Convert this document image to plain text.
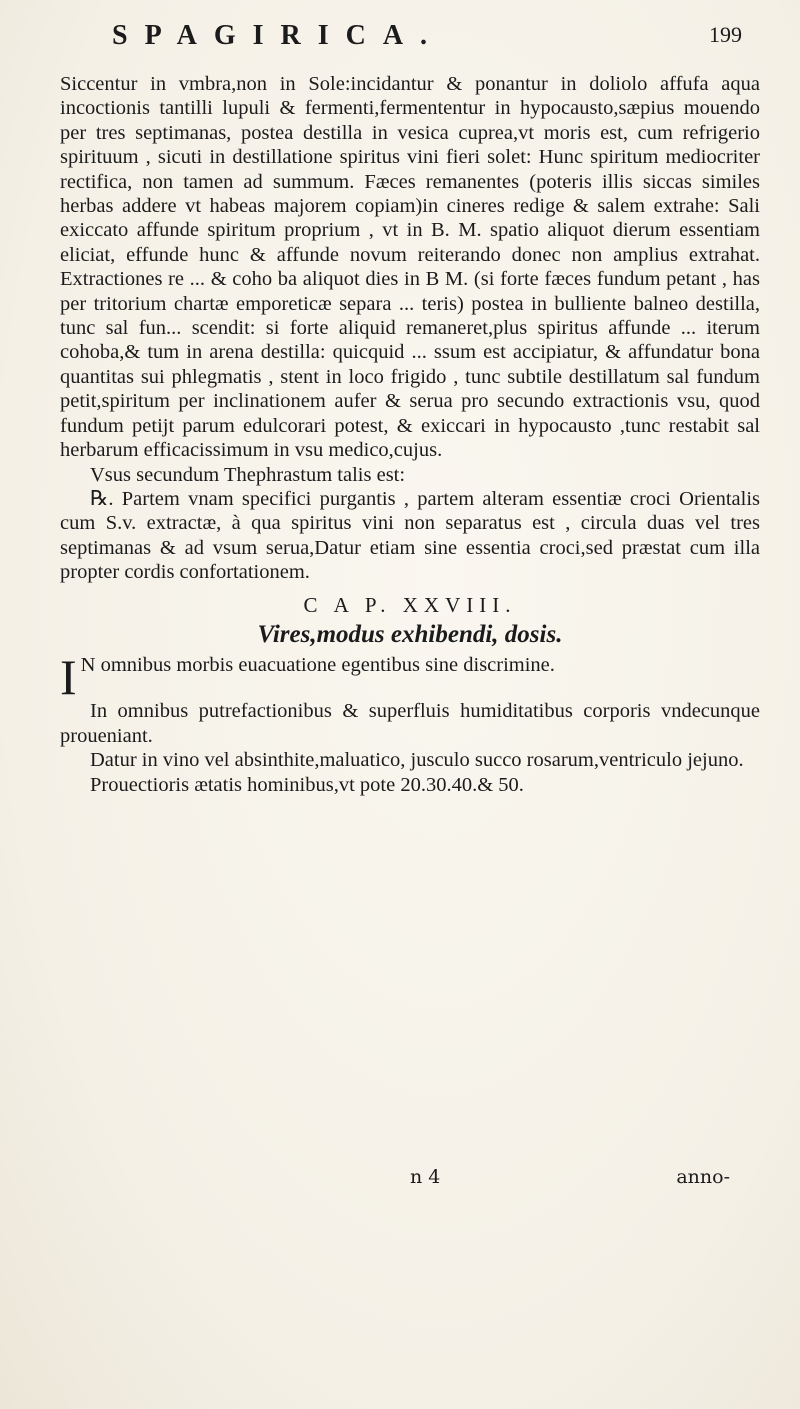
SPAGIRICA.	199

Siccentur in vmbra,non in Sole:incidantur & ponantur in doliolo affufa aqua incoctionis tantilli lupuli & fermenti,fermententur in hypocausto,sæpius mouendo per tres septimanas, postea destilla in vesica cuprea,vt moris est, cum refrigerio spirituum , sicuti in destillatione spiritus vini fieri solet: Hunc spiritum mediocriter rectifica, non tamen ad summum. Fæces remanentes (poteris illis siccas similes herbas addere vt habeas majorem copiam)in cineres redige & salem extrahe: Sali exiccato affunde spiritum proprium , vt in B. M. spatio aliquot dierum essentiam eliciat, effunde hunc & affunde novum reiterando donec non amplius extrahat. Extractiones re ... & coho ba aliquot dies in B M. (si forte fæces fundum petant , has per tritorium chartæ emporeticæ separa ... teris) postea in bulliente balneo destilla, tunc sal fun... scendit: si forte aliquid remaneret,plus spiritus affunde ... iterum cohoba,& tum in arena destilla: quicquid ... ssum est accipiatur, & affundatur bona quantitas sui phlegmatis , stent in loco frigido , tunc subtile destillatum sal fundum petit,spiritum per inclinationem aufer & serua pro secundo extractionis vsu, quod fundum petijt parum edulcorari potest, & exiccari in hypocausto ,tunc restabit sal herbarum efficacissimum in vsu medico,cujus.

Vsus secundum Thephrastum talis est:

℞. Partem vnam specifici purgantis , partem alteram essentiæ croci Orientalis cum S.v. extractæ, à qua spiritus vini non separatus est , circula duas vel tres septimanas & ad vsum serua,Datur etiam sine essentia croci,sed præstat cum illa propter cordis confortationem.

C A P. XXVIII.
Vires,modus exhibendi, dosis.

I N omnibus morbis euacuatione egentibus sine discrimine.

In omnibus putrefactionibus & superfluis humiditatibus corporis vndecunque proueniant.

Datur in vino vel absinthite,maluatico, jusculo succo rosarum,ventriculo jejuno.

Prouectioris ætatis hominibus,vt pote 20.30.40.& 50.

n 4	anno-
